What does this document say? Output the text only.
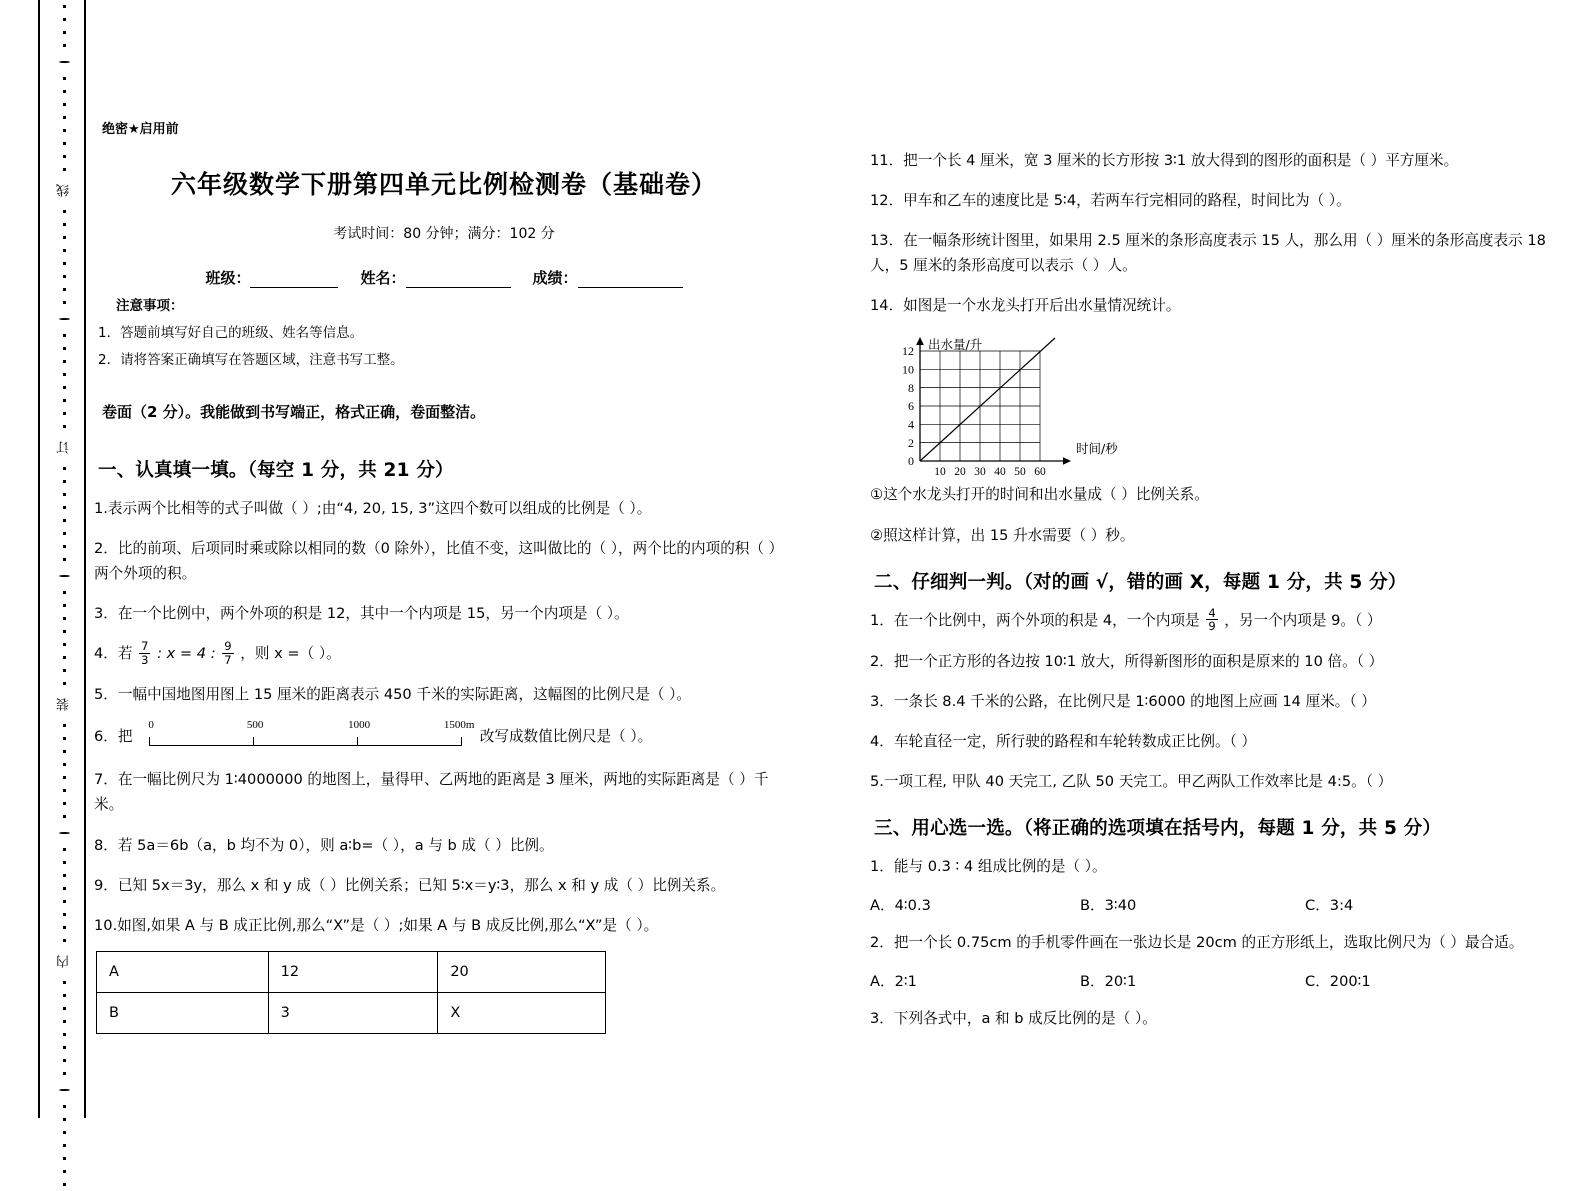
线
订
装
内
绝密★启用前
六年级数学下册第四单元比例检测卷（基础卷）
考试时间：80 分钟；满分：102 分
班级：	姓名：	成绩：
注意事项：
1．答题前填写好自己的班级、姓名等信息。
2．请将答案正确填写在答题区域，注意书写工整。
卷面（2 分）。我能做到书写端正，格式正确，卷面整洁。
一、认真填一填。（每空 1 分，共 21 分）

1.表示两个比相等的式子叫做（ ）;由“4, 20, 15, 3”这四个数可以组成的比例是（ ）。

2．比的前项、后项同时乘或除以相同的数（0 除外），比值不变，这叫做比的（ ），两个比的内项的积（ ）两个外项的积。

3．在一个比例中，两个外项的积是 12，其中一个内项是 15，另一个内项是（ ）。

4．若 $\frac{7}{3}$ : x = 4 : $\frac{9}{7}$ ，则 x =（ ）。

5．一幅中国地图用图上 15 厘米的距离表示 450 千米的实际距离，这幅图的比例尺是（ ）。

6．把
0	500	1000	1500m
改写成数值比例尺是（ ）。

7．在一幅比例尺为 1∶4000000 的地图上，量得甲、乙两地的距离是 3 厘米，两地的实际距离是（ ）千米。

8．若 5a＝6b（a，b 均不为 0），则 a∶b=（ ），a 与 b 成（ ）比例。

9．已知 5x＝3y，那么 x 和 y 成（ ）比例关系；已知 5∶x＝y∶3，那么 x 和 y 成（ ）比例关系。

10.如图,如果 A 与 B 成正比例,那么“X”是（ ）;如果 A 与 B 成反比例,那么“X”是（ ）。

A	12	20
B	3	X

11．把一个长 4 厘米，宽 3 厘米的长方形按 3∶1 放大得到的图形的面积是（ ）平方厘米。

12．甲车和乙车的速度比是 5∶4，若两车行完相同的路程，时间比为（ ）。

13．在一幅条形统计图里，如果用 2.5 厘米的条形高度表示 15 人，那么用（ ）厘米的条形高度表示 18 人，5 厘米的条形高度可以表示（ ）人。

14．如图是一个水龙头打开后出水量情况统计。

12
10
8
6
4
2
0
10 20 30 40 50 60
出水量/升
时间/秒

①这个水龙头打开的时间和出水量成（ ）比例关系。

②照这样计算，出 15 升水需要（ ）秒。

二、仔细判一判。（对的画 √，错的画 X，每题 1 分，共 5 分）

1．在一个比例中，两个外项的积是 4，一个内项是 $\frac{4}{9}$ ，另一个内项是 9。（ ）

2．把一个正方形的各边按 10∶1 放大，所得新图形的面积是原来的 10 倍。（ ）

3．一条长 8.4 千米的公路，在比例尺是 1∶6000 的地图上应画 14 厘米。（ ）

4．车轮直径一定，所行驶的路程和车轮转数成正比例。（ ）

5.一项工程, 甲队 40 天完工, 乙队 50 天完工。甲乙两队工作效率比是 4:5。（ ）

三、用心选一选。（将正确的选项填在括号内，每题 1 分，共 5 分）

1．能与 0.3 ∶ 4 组成比例的是（ ）。

A．4∶0.3	B．3∶40	C．3:4

2．把一个长 0.75cm 的手机零件画在一张边长是 20cm 的正方形纸上，选取比例尺为（ ）最合适。

A．2∶1	B．20∶1	C．200∶1

3．下列各式中，a 和 b 成反比例的是（ ）。
